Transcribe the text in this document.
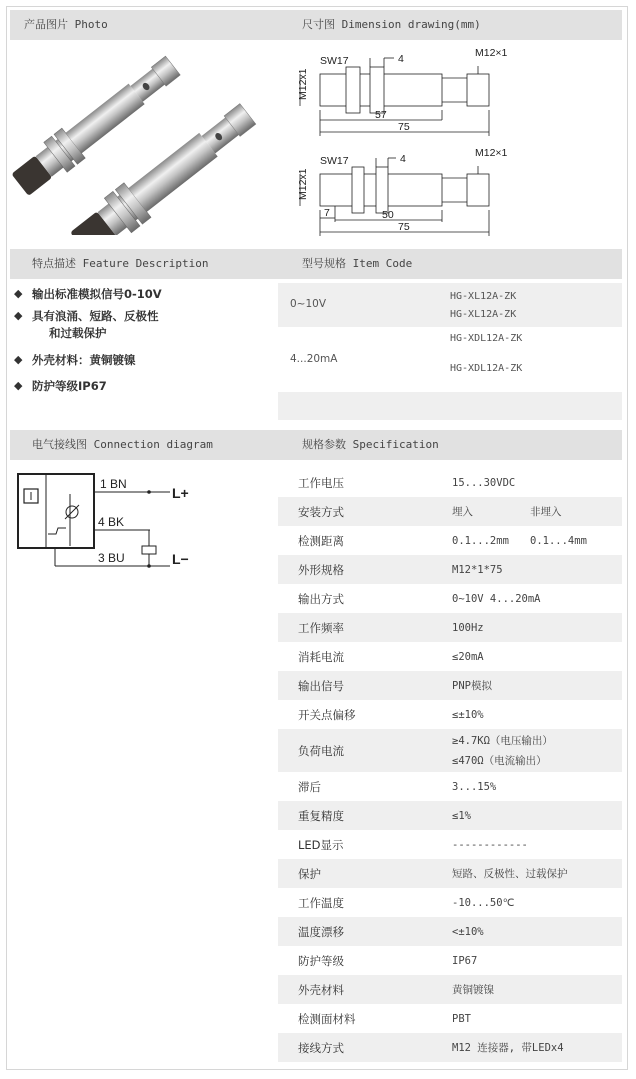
产品图片 Photo	尺寸图 Dimension drawing(mm)
SW17	4	M12×1
M12x1
57
75
SW17	4	M12×1
M12x1
7	50
75
特点描述 Feature Description	型号规格 Item Code
◆ 输出标准模拟信号0-10V
◆ 具有浪涌、短路、反极性
和过载保护
◆ 外壳材料：黄铜镀镍
◆ 防护等级IP67
0~10V
HG-XL12A-ZK
HG-XL12A-ZK
4...20mA
HG-XDL12A-ZK
HG-XDL12A-ZK
电气接线图 Connection diagram	规格参数 Specification
1 BN
4 BK
3 BU
L+
L−
工作电压	15...30VDC
安装方式	埋入	非埋入
检测距离	0.1...2mm 0.1...4mm
外形规格	M12*1*75
输出方式	0~10V 4...20mA
工作频率	100Hz
消耗电流	≤20mA
输出信号	PNP模拟
开关点偏移	≤±10%
负荷电流
≥4.7KΩ（电压输出）
≤470Ω（电流输出）
滞后	3...15%
重复精度	≤1%
LED显示	------------
保护	短路、反极性、过载保护
工作温度	-10...50℃
温度漂移	<±10%
防护等级	IP67
外壳材料	黄铜镀镍
检测面材料	PBT
接线方式	M12 连接器, 带LEDx4
